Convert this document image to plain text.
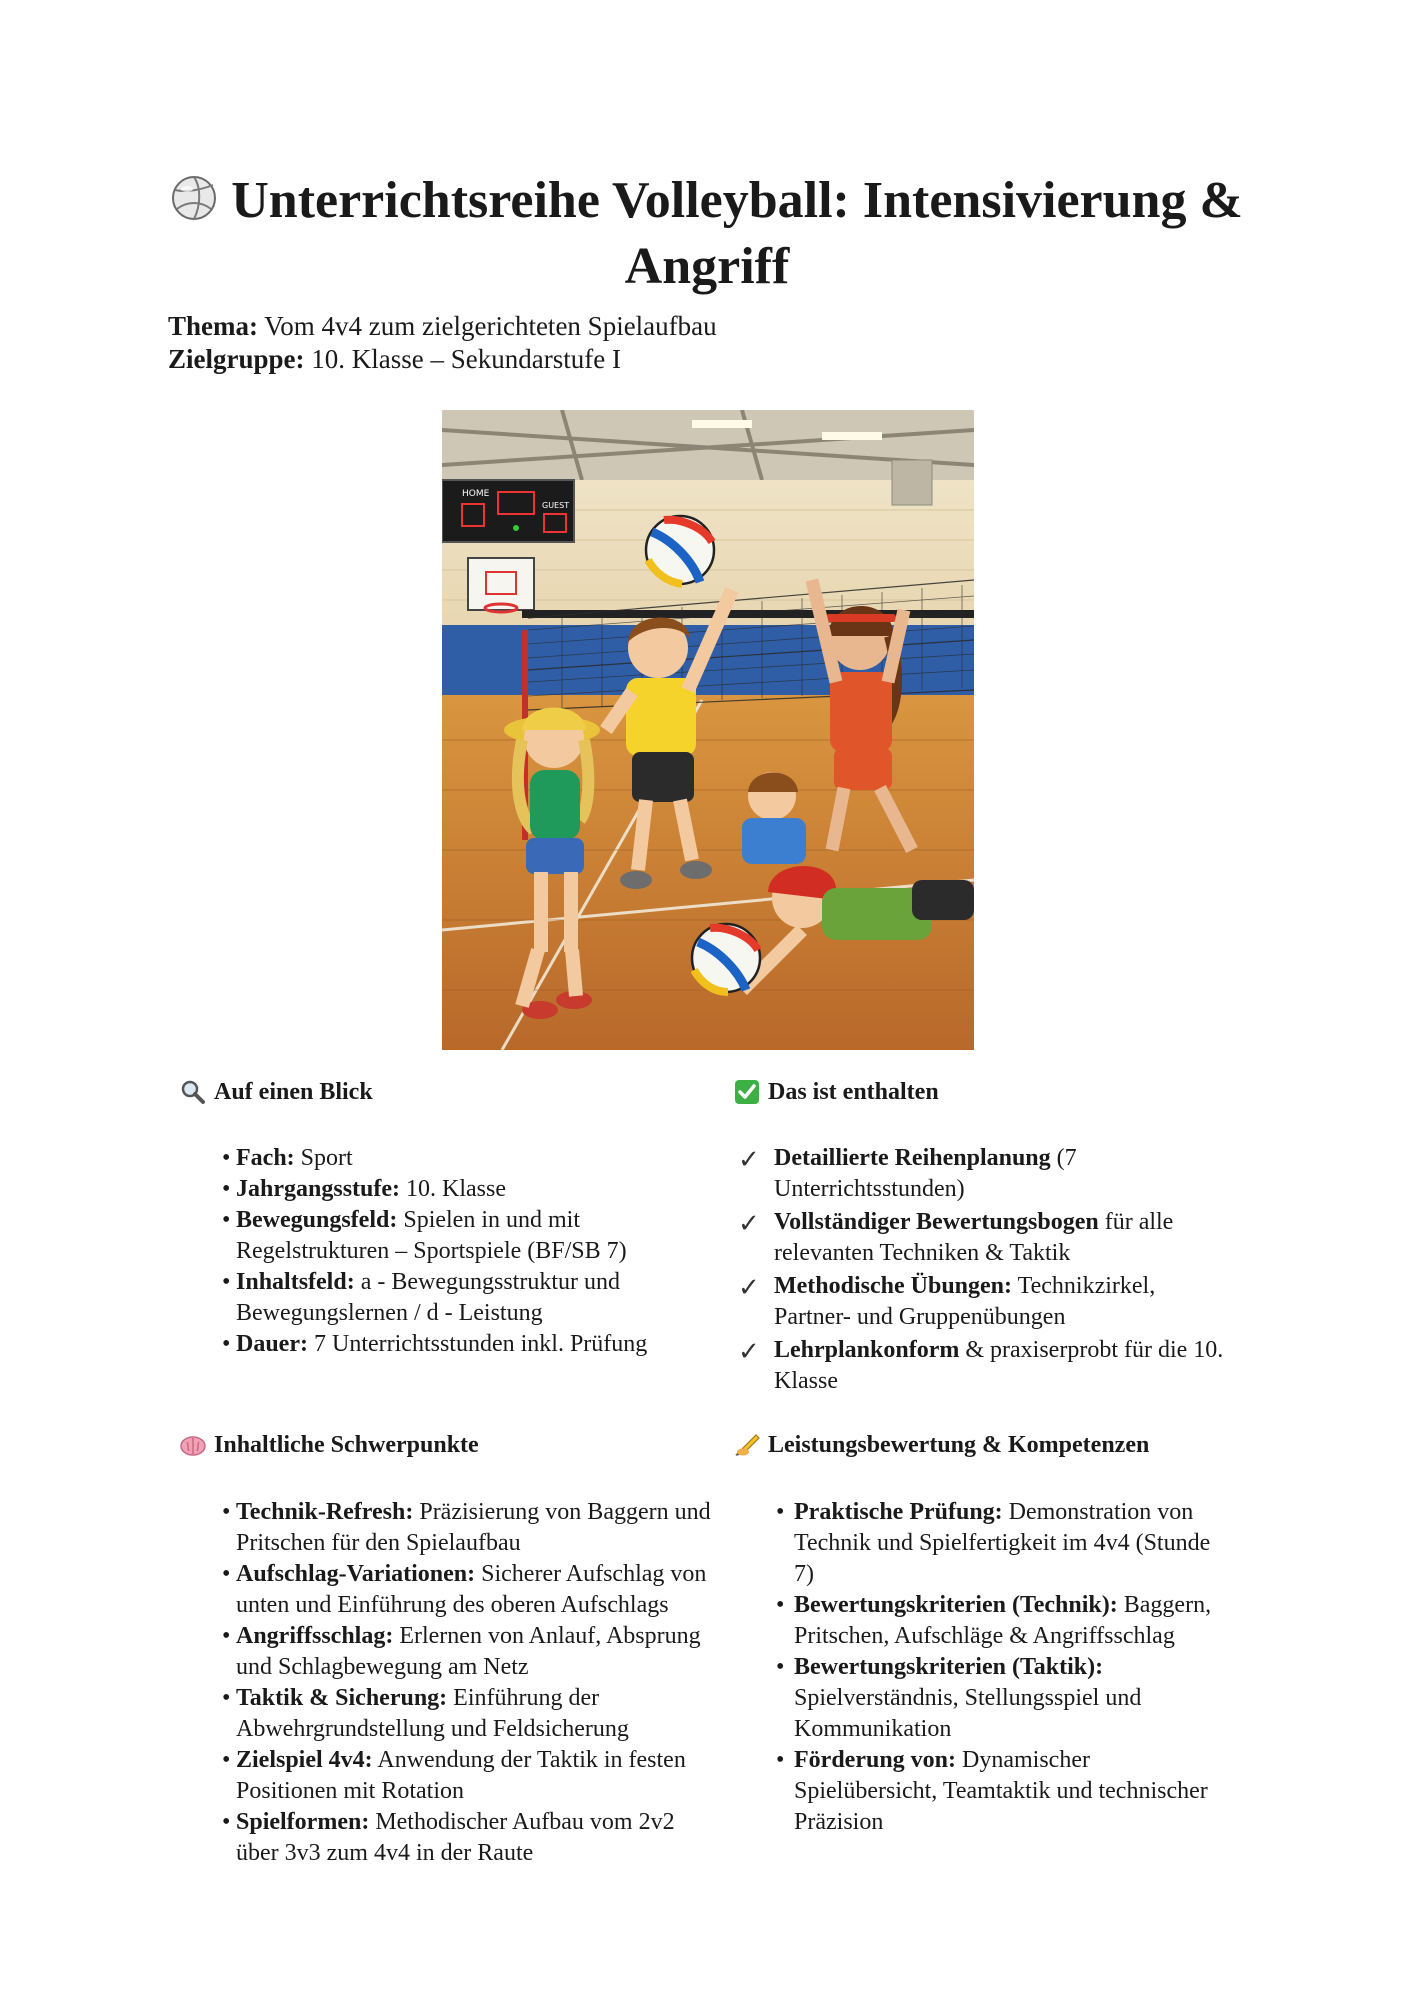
Unterrichtsreihe Volleyball: Intensivierung & Angriff
Thema: Vom 4v4 zum zielgerichteten Spielaufbau
Zielgruppe: 10. Klasse – Sekundarstufe I
HOME
GUEST
Auf einen Blick
• Fach: Sport
• Jahrgangsstufe: 10. Klasse
• Bewegungsfeld: Spielen in und mit Regelstrukturen – Sportspiele (BF/SB 7)
• Inhaltsfeld: a - Bewegungsstruktur und Bewegungslernen / d - Leistung
• Dauer: 7 Unterrichtsstunden inkl. Prüfung
Das ist enthalten
✓ Detaillierte Reihenplanung (7 Unterrichtsstunden)
✓ Vollständiger Bewertungsbogen für alle relevanten Techniken & Taktik
✓ Methodische Übungen: Technikzirkel, Partner- und Gruppenübungen
✓ Lehrplankonform & praxiserprobt für die 10. Klasse
Inhaltliche Schwerpunkte
• Technik-Refresh: Präzisierung von Baggern und Pritschen für den Spielaufbau
• Aufschlag-Variationen: Sicherer Aufschlag von unten und Einführung des oberen Aufschlags
• Angriffsschlag: Erlernen von Anlauf, Absprung und Schlagbewegung am Netz
• Taktik & Sicherung: Einführung der Abwehrgrundstellung und Feldsicherung
• Zielspiel 4v4: Anwendung der Taktik in festen Positionen mit Rotation
• Spielformen: Methodischer Aufbau vom 2v2 über 3v3 zum 4v4 in der Raute
Leistungsbewertung & Kompetenzen
• Praktische Prüfung: Demonstration von Technik und Spielfertigkeit im 4v4 (Stunde 7)
• Bewertungskriterien (Technik): Baggern, Pritschen, Aufschläge & Angriffsschlag
• Bewertungskriterien (Taktik): Spielverständnis, Stellungsspiel und Kommunikation
• Förderung von: Dynamischer Spielübersicht, Teamtaktik und technischer Präzision
